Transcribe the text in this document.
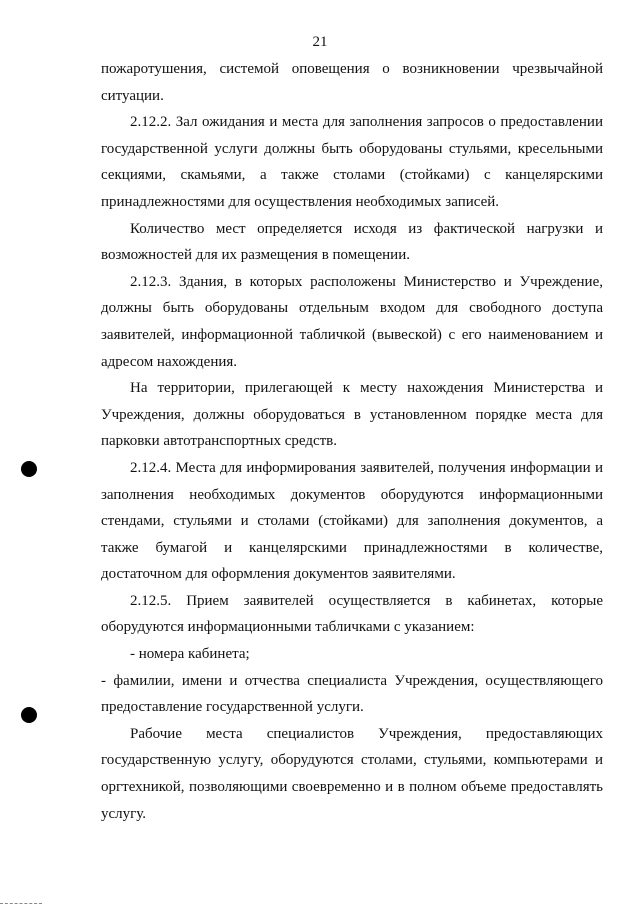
21

пожаротушения, системой оповещения о возникновении чрезвычайной ситуации.

2.12.2. Зал ожидания и места для заполнения запросов о предоставлении государственной услуги должны быть оборудованы стульями, кресельными секциями, скамьями, а также столами (стойками) с канцелярскими принадлежностями для осуществления необходимых записей.

Количество мест определяется исходя из фактической нагрузки и возможностей для их размещения в помещении.

2.12.3. Здания, в которых расположены Министерство и Учреждение, должны быть оборудованы отдельным входом для свободного доступа заявителей, информационной табличкой (вывеской) с его наименованием и адресом нахождения.

На территории, прилегающей к месту нахождения Министерства и Учреждения, должны оборудоваться в установленном порядке места для парковки автотранспортных средств.

2.12.4. Места для информирования заявителей, получения информации и заполнения необходимых документов оборудуются информационными стендами, стульями и столами (стойками) для заполнения документов, а также бумагой и канцелярскими принадлежностями в количестве, достаточном для оформления документов заявителями.

2.12.5. Прием заявителей осуществляется в кабинетах, которые оборудуются информационными табличками с указанием:

- номера кабинета;

- фамилии, имени и отчества специалиста Учреждения, осуществляющего предоставление государственной услуги.

Рабочие места специалистов Учреждения, предоставляющих государственную услугу, оборудуются столами, стульями, компьютерами и оргтехникой, позволяющими своевременно и в полном объеме предоставлять услугу.
